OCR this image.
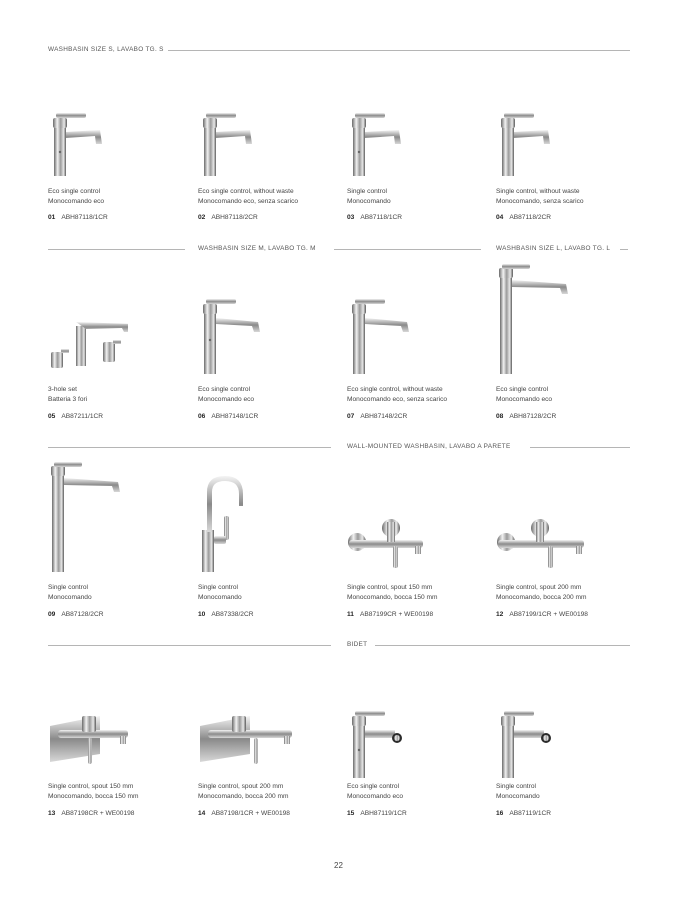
WASHBASIN SIZE S, LAVABO TG. S
WASHBASIN SIZE M, LAVABO TG. M	WASHBASIN SIZE L, LAVABO TG. L
WALL-MOUNTED WASHBASIN, LAVABO A PARETE
BIDET
Eco single control
Monocomando eco
01 ABH87118/1CR
Eco single control, without waste
Monocomando eco, senza scarico
02 ABH87118/2CR
Single control
Monocomando
03 AB87118/1CR
Single control, without waste
Monocomando, senza scarico
04 AB87118/2CR
3-hole set
Batteria 3 fori
05 AB87211/1CR
Eco single control
Monocomando eco
06 ABH87148/1CR
Eco single control, without waste
Monocomando eco, senza scarico
07 ABH87148/2CR
Eco single control
Monocomando eco
08 ABH87128/2CR
Single control
Monocomando
09 AB87128/2CR
Single control
Monocomando
10 AB87338/2CR
Single control, spout 150 mm
Monocomando, bocca 150 mm
11 AB87199CR + WE00198
Single control, spout 200 mm
Monocomando, bocca 200 mm
12 AB87199/1CR + WE00198
Single control, spout 150 mm
Monocomando, bocca 150 mm
13 AB87198CR + WE00198
Single control, spout 200 mm
Monocomando, bocca 200 mm
14 AB87198/1CR + WE00198
Eco single control
Monocomando eco
15 ABH87119/1CR
Single control
Monocomando
16 AB87119/1CR
22
